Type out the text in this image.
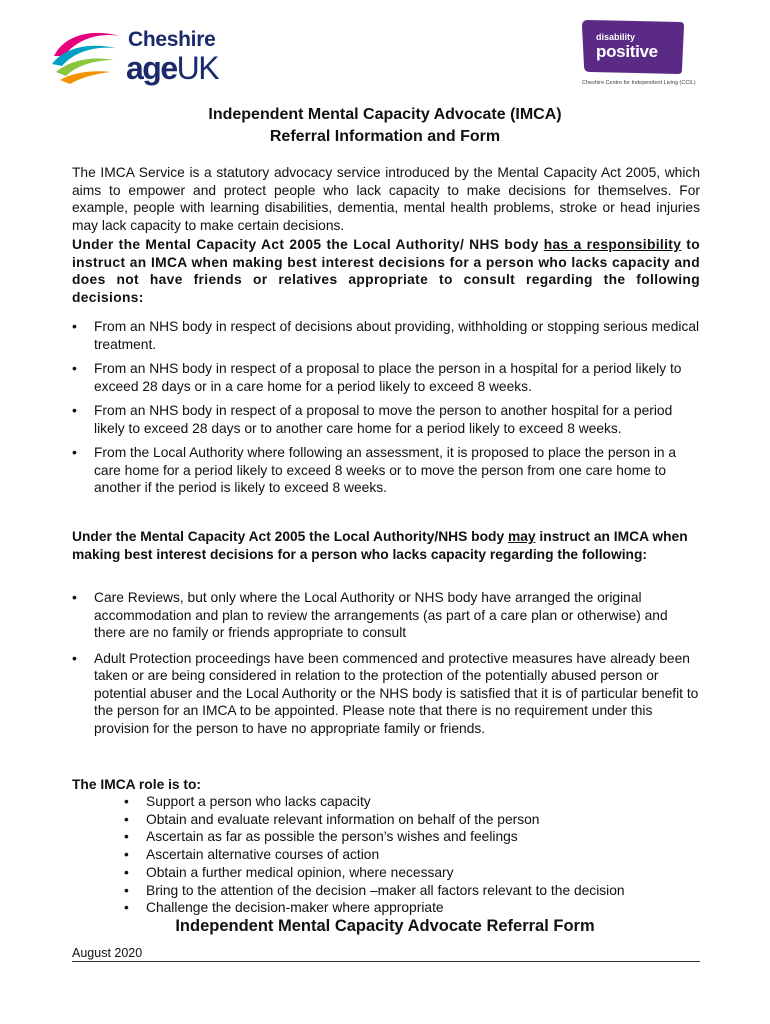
Cheshire
ageUK
disability
positive
Cheshire Centre for Independent Living (CCIL)
Independent Mental Capacity Advocate (IMCA)
Referral Information and Form
The IMCA Service is a statutory advocacy service introduced by the Mental Capacity Act 2005, which aims to empower and protect people who lack capacity to make decisions for themselves. For example, people with learning disabilities, dementia, mental health problems, stroke or head injuries may lack capacity to make certain decisions.
Under the Mental Capacity Act 2005 the Local Authority/ NHS body has a responsibility to instruct an IMCA when making best interest decisions for a person who lacks capacity and does not have friends or relatives appropriate to consult regarding the following decisions:
• From an NHS body in respect of decisions about providing, withholding or stopping serious medical treatment.
• From an NHS body in respect of a proposal to place the person in a hospital for a period likely to exceed 28 days or in a care home for a period likely to exceed 8 weeks.
• From an NHS body in respect of a proposal to move the person to another hospital for a period likely to exceed 28 days or to another care home for a period likely to exceed 8 weeks.
• From the Local Authority where following an assessment, it is proposed to place the person in a care home for a period likely to exceed 8 weeks or to move the person from one care home to another if the period is likely to exceed 8 weeks.
Under the Mental Capacity Act 2005 the Local Authority/NHS body may instruct an IMCA when making best interest decisions for a person who lacks capacity regarding the following:
• Care Reviews, but only where the Local Authority or NHS body have arranged the original accommodation and plan to review the arrangements (as part of a care plan or otherwise) and there are no family or friends appropriate to consult
• Adult Protection proceedings have been commenced and protective measures have already been taken or are being considered in relation to the protection of the potentially abused person or potential abuser and the Local Authority or the NHS body is satisfied that it is of particular benefit to the person for an IMCA to be appointed. Please note that there is no requirement under this provision for the person to have no appropriate family or friends.
The IMCA role is to:
• Support a person who lacks capacity
• Obtain and evaluate relevant information on behalf of the person
• Ascertain as far as possible the person’s wishes and feelings
• Ascertain alternative courses of action
• Obtain a further medical opinion, where necessary
• Bring to the attention of the decision –maker all factors relevant to the decision
• Challenge the decision-maker where appropriate
Independent Mental Capacity Advocate Referral Form
August 2020
